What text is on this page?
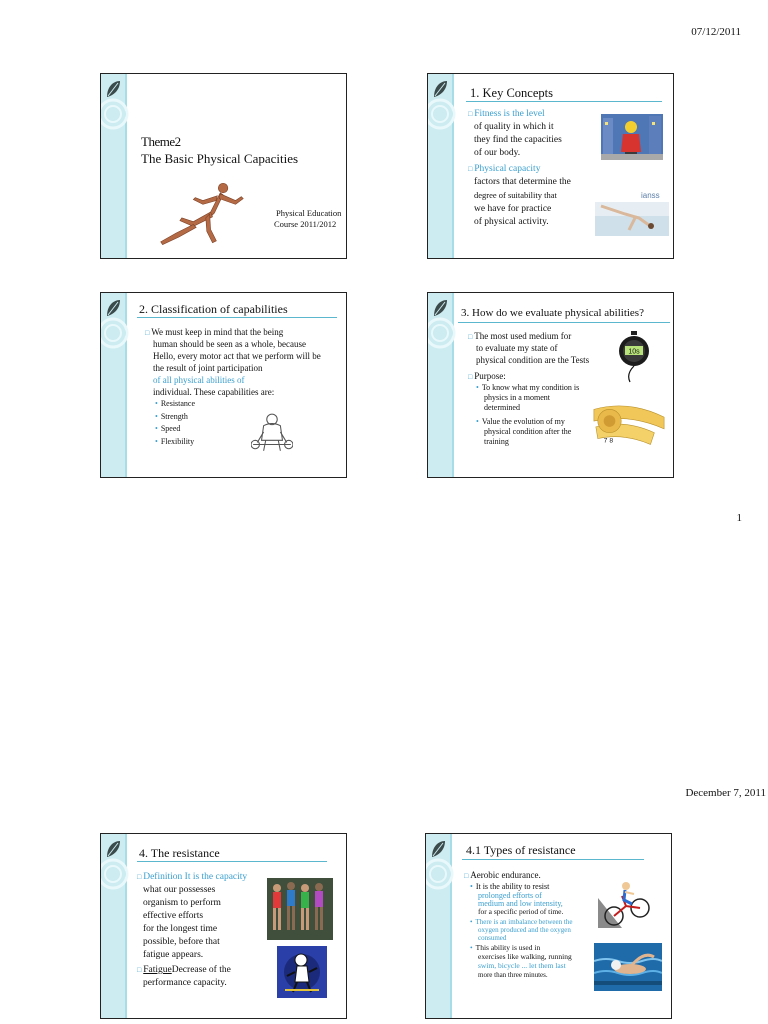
07/12/2011
1
December 7, 2011
Theme2
The Basic Physical Capacities
Physical Education
Course 2011/2012
1. Key Concepts
□ Fitness is the level
of quality in which it
they find the capacities
of our body.
□ Physical capacity
factors that determine the
degree of suitability that
we have for practice
of physical activity.
ianss
2. Classification of capabilities
□ We must keep in mind that the being
human should be seen as a whole, because
Hello, every motor act that we perform will be
the result of joint participation
of all physical abilities of
individual. These capabilities are:
• Resistance
• Strength
• Speed
• Flexibility
3. How do we evaluate physical abilities?
□ The most used medium for
to evaluate my state of
physical condition are the Tests
□ Purpose:
• To know what my condition is
physics in a moment
determined
• Value the evolution of my
physical condition after the
training
10s
7 8
4. The resistance
□ Definition It is the capacity
what our possesses
organism to perform
effective efforts
for the longest time
possible, before that
fatigue appears.
□ FatigueDecrease of the
performance capacity.
4.1 Types of resistance
□ Aerobic endurance.
• It is the ability to resist
prolonged efforts of
medium and low intensity,
for a specific period of time.
• There is an imbalance between the
oxygen produced and the oxygen
consumed
• This ability is used in
exercises like walking, running
swim, bicycle ... let them last
more than three minutes.
